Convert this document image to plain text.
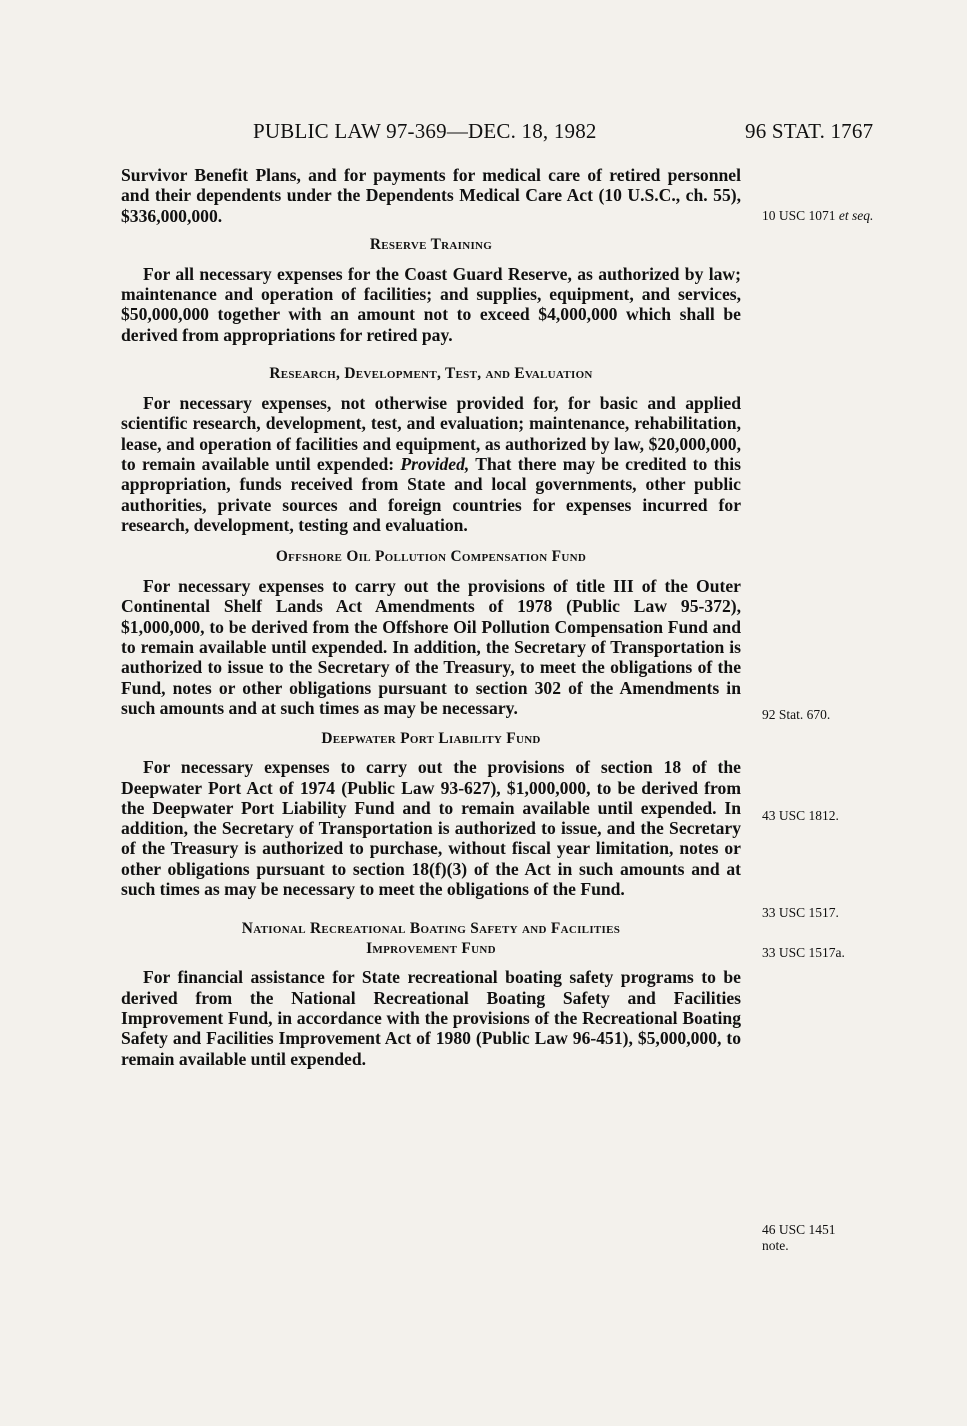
PUBLIC LAW 97-369—DEC. 18, 1982	96 STAT. 1767

Survivor Benefit Plans, and for payments for medical care of retired personnel and their dependents under the Dependents Medical Care Act (10 U.S.C., ch. 55), $336,000,000.

Reserve Training

For all necessary expenses for the Coast Guard Reserve, as authorized by law; maintenance and operation of facilities; and supplies, equipment, and services, $50,000,000 together with an amount not to exceed $4,000,000 which shall be derived from appropriations for retired pay.

Research, Development, Test, and Evaluation

For necessary expenses, not otherwise provided for, for basic and applied scientific research, development, test, and evaluation; maintenance, rehabilitation, lease, and operation of facilities and equipment, as authorized by law, $20,000,000, to remain available until expended: Provided, That there may be credited to this appropriation, funds received from State and local governments, other public authorities, private sources and foreign countries for expenses incurred for research, development, testing and evaluation.

Offshore Oil Pollution Compensation Fund

For necessary expenses to carry out the provisions of title III of the Outer Continental Shelf Lands Act Amendments of 1978 (Public Law 95-372), $1,000,000, to be derived from the Offshore Oil Pollution Compensation Fund and to remain available until expended. In addition, the Secretary of Transportation is authorized to issue to the Secretary of the Treasury, to meet the obligations of the Fund, notes or other obligations pursuant to section 302 of the Amendments in such amounts and at such times as may be necessary.

Deepwater Port Liability Fund

For necessary expenses to carry out the provisions of section 18 of the Deepwater Port Act of 1974 (Public Law 93-627), $1,000,000, to be derived from the Deepwater Port Liability Fund and to remain available until expended. In addition, the Secretary of Transportation is authorized to issue, and the Secretary of the Treasury is authorized to purchase, without fiscal year limitation, notes or other obligations pursuant to section 18(f)(3) of the Act in such amounts and at such times as may be necessary to meet the obligations of the Fund.

National Recreational Boating Safety and Facilities
Improvement Fund

For financial assistance for State recreational boating safety programs to be derived from the National Recreational Boating Safety and Facilities Improvement Fund, in accordance with the provisions of the Recreational Boating Safety and Facilities Improvement Act of 1980 (Public Law 96-451), $5,000,000, to remain available until expended.

10 USC 1071 et seq.
92 Stat. 670.
43 USC 1812.
33 USC 1517.
33 USC 1517a.
46 USC 1451 note.
